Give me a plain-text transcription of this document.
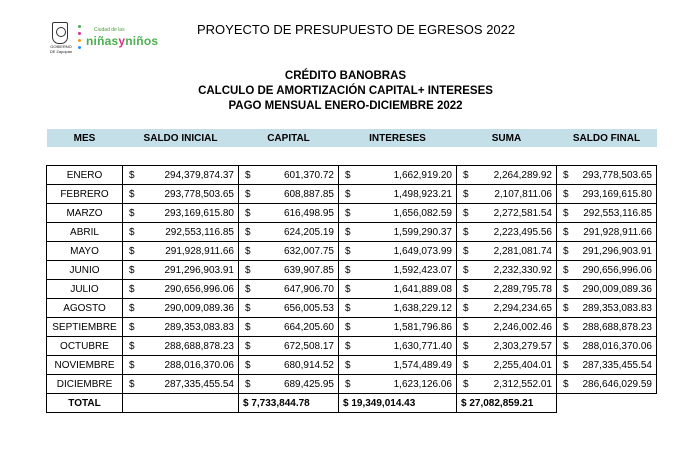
GOBIERNO DE Zapopan
Ciudad de las
niñasyniños
PROYECTO DE PRESUPUESTO DE EGRESOS 2022
CRÉDITO BANOBRAS
CALCULO DE AMORTIZACIÓN CAPITAL+ INTERESES
PAGO MENSUAL ENERO-DICIEMBRE 2022
MES	SALDO INICIAL	CAPITAL	INTERESES	SUMA	SALDO FINAL

ENERO	$ 294,379,874.37	$ 601,370.72	$ 1,662,919.20	$ 2,264,289.92	$ 293,778,503.65

FEBRERO	$ 293,778,503.65	$ 608,887.85	$ 1,498,923.21	$ 2,107,811.06	$ 293,169,615.80

MARZO	$ 293,169,615.80	$ 616,498.95	$ 1,656,082.59	$ 2,272,581.54	$ 292,553,116.85

ABRIL	$ 292,553,116.85	$ 624,205.19	$ 1,599,290.37	$ 2,223,495.56	$ 291,928,911.66

MAYO	$ 291,928,911.66	$ 632,007.75	$ 1,649,073.99	$ 2,281,081.74	$ 291,296,903.91

JUNIO	$ 291,296,903.91	$ 639,907.85	$ 1,592,423.07	$ 2,232,330.92	$ 290,656,996.06

JULIO	$ 290,656,996.06	$ 647,906.70	$ 1,641,889.08	$ 2,289,795.78	$ 290,009,089.36

AGOSTO	$ 290,009,089.36	$ 656,005.53	$ 1,638,229.12	$ 2,294,234.65	$ 289,353,083.83

SEPTIEMBRE	$ 289,353,083.83	$ 664,205.60	$ 1,581,796.86	$ 2,246,002.46	$ 288,688,878.23

OCTUBRE	$ 288,688,878.23	$ 672,508.17	$ 1,630,771.40	$ 2,303,279.57	$ 288,016,370.06

NOVIEMBRE	$ 288,016,370.06	$ 680,914.52	$ 1,574,489.49	$ 2,255,404.01	$ 287,335,455.54

DICIEMBRE	$ 287,335,455.54	$ 689,425.95	$ 1,623,126.06	$ 2,312,552.01	$ 286,646,029.59

TOTAL		$ 7,733,844.78	$ 19,349,014.43	$ 27,082,859.21	
